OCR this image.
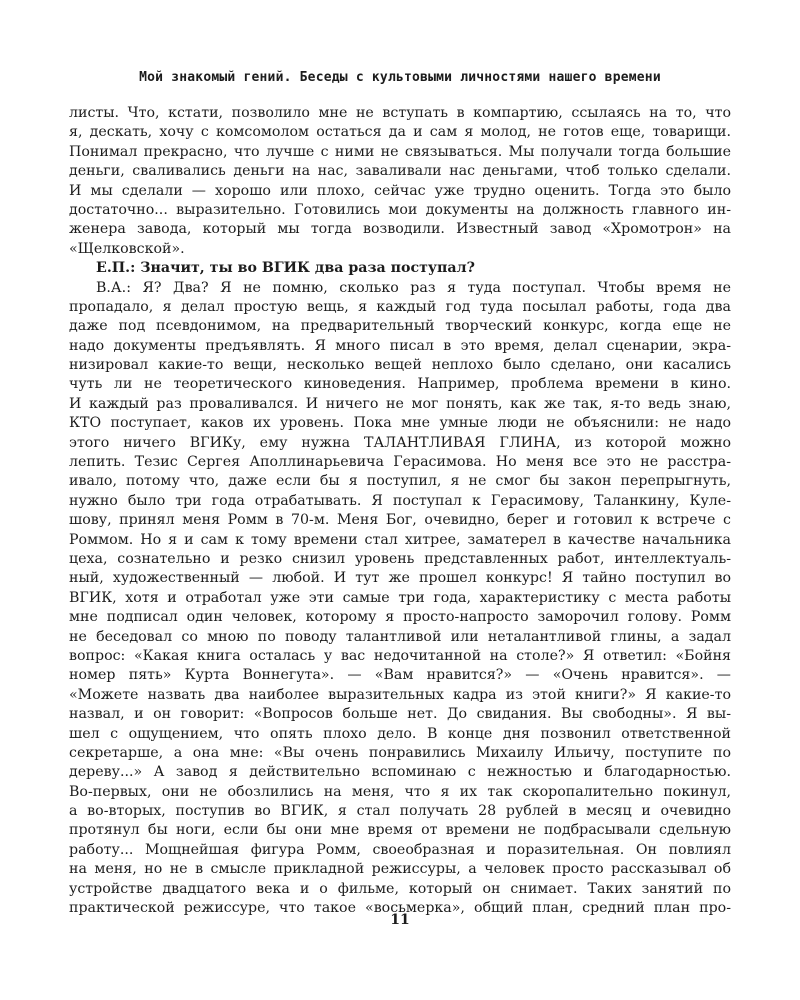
Мой знакомый гений. Беседы с культовыми личностями нашего времени
листы. Что, кстати, позволило мне не вступать в компартию, ссылаясь на то, что
я, дескать, хочу с комсомолом остаться да и сам я молод, не готов еще, товарищи.
Понимал прекрасно, что лучше с ними не связываться. Мы получали тогда большие
деньги, сваливались деньги на нас, заваливали нас деньгами, чтоб только сделали.
И мы сделали — хорошо или плохо, сейчас уже трудно оценить. Тогда это было
достаточно... выразительно. Готовились мои документы на должность главного ин-
женера завода, который мы тогда возводили. Известный завод «Хромотрон» на
«Щелковской».
Е.П.: Значит, ты во ВГИК два раза поступал?
В.А.: Я? Два? Я не помню, сколько раз я туда поступал. Чтобы время не
пропадало, я делал простую вещь, я каждый год туда посылал работы, года два
даже под псевдонимом, на предварительный творческий конкурс, когда еще не
надо документы предъявлять. Я много писал в это время, делал сценарии, экра-
низировал какие-то вещи, несколько вещей неплохо было сделано, они касались
чуть ли не теоретического киноведения. Например, проблема времени в кино.
И каждый раз проваливался. И ничего не мог понять, как же так, я-то ведь знаю,
КТО поступает, каков их уровень. Пока мне умные люди не объяснили: не надо
этого ничего ВГИКу, ему нужна ТАЛАНТЛИВАЯ ГЛИНА, из которой можно
лепить. Тезис Сергея Аполлинарьевича Герасимова. Но меня все это не расстра-
ивало, потому что, даже если бы я поступил, я не смог бы закон перепрыгнуть,
нужно было три года отрабатывать. Я поступал к Герасимову, Таланкину, Куле-
шову, принял меня Ромм в 70-м. Меня Бог, очевидно, берег и готовил к встрече с
Роммом. Но я и сам к тому времени стал хитрее, заматерел в качестве начальника
цеха, сознательно и резко снизил уровень представленных работ, интеллектуаль-
ный, художественный — любой. И тут же прошел конкурс! Я тайно поступил во
ВГИК, хотя и отработал уже эти самые три года, характеристику с места работы
мне подписал один человек, которому я просто-напросто заморочил голову. Ромм
не беседовал со мною по поводу талантливой или неталантливой глины, а задал
вопрос: «Какая книга осталась у вас недочитанной на столе?» Я ответил: «Бойня
номер пять» Курта Воннегута». — «Вам нравится?» — «Очень нравится». —
«Можете назвать два наиболее выразительных кадра из этой книги?» Я какие-то
назвал, и он говорит: «Вопросов больше нет. До свидания. Вы свободны». Я вы-
шел с ощущением, что опять плохо дело. В конце дня позвонил ответственной
секретарше, а она мне: «Вы очень понравились Михаилу Ильичу, поступите по
дереву...» А завод я действительно вспоминаю с нежностью и благодарностью.
Во-первых, они не обозлились на меня, что я их так скоропалительно покинул,
а во-вторых, поступив во ВГИК, я стал получать 28 рублей в месяц и очевидно
протянул бы ноги, если бы они мне время от времени не подбрасывали сдельную
работу... Мощнейшая фигура Ромм, своеобразная и поразительная. Он повлиял
на меня, но не в смысле прикладной режиссуры, а человек просто рассказывал об
устройстве двадцатого века и о фильме, который он снимает. Таких занятий по
практической режиссуре, что такое «восьмерка», общий план, средний план про-
11
